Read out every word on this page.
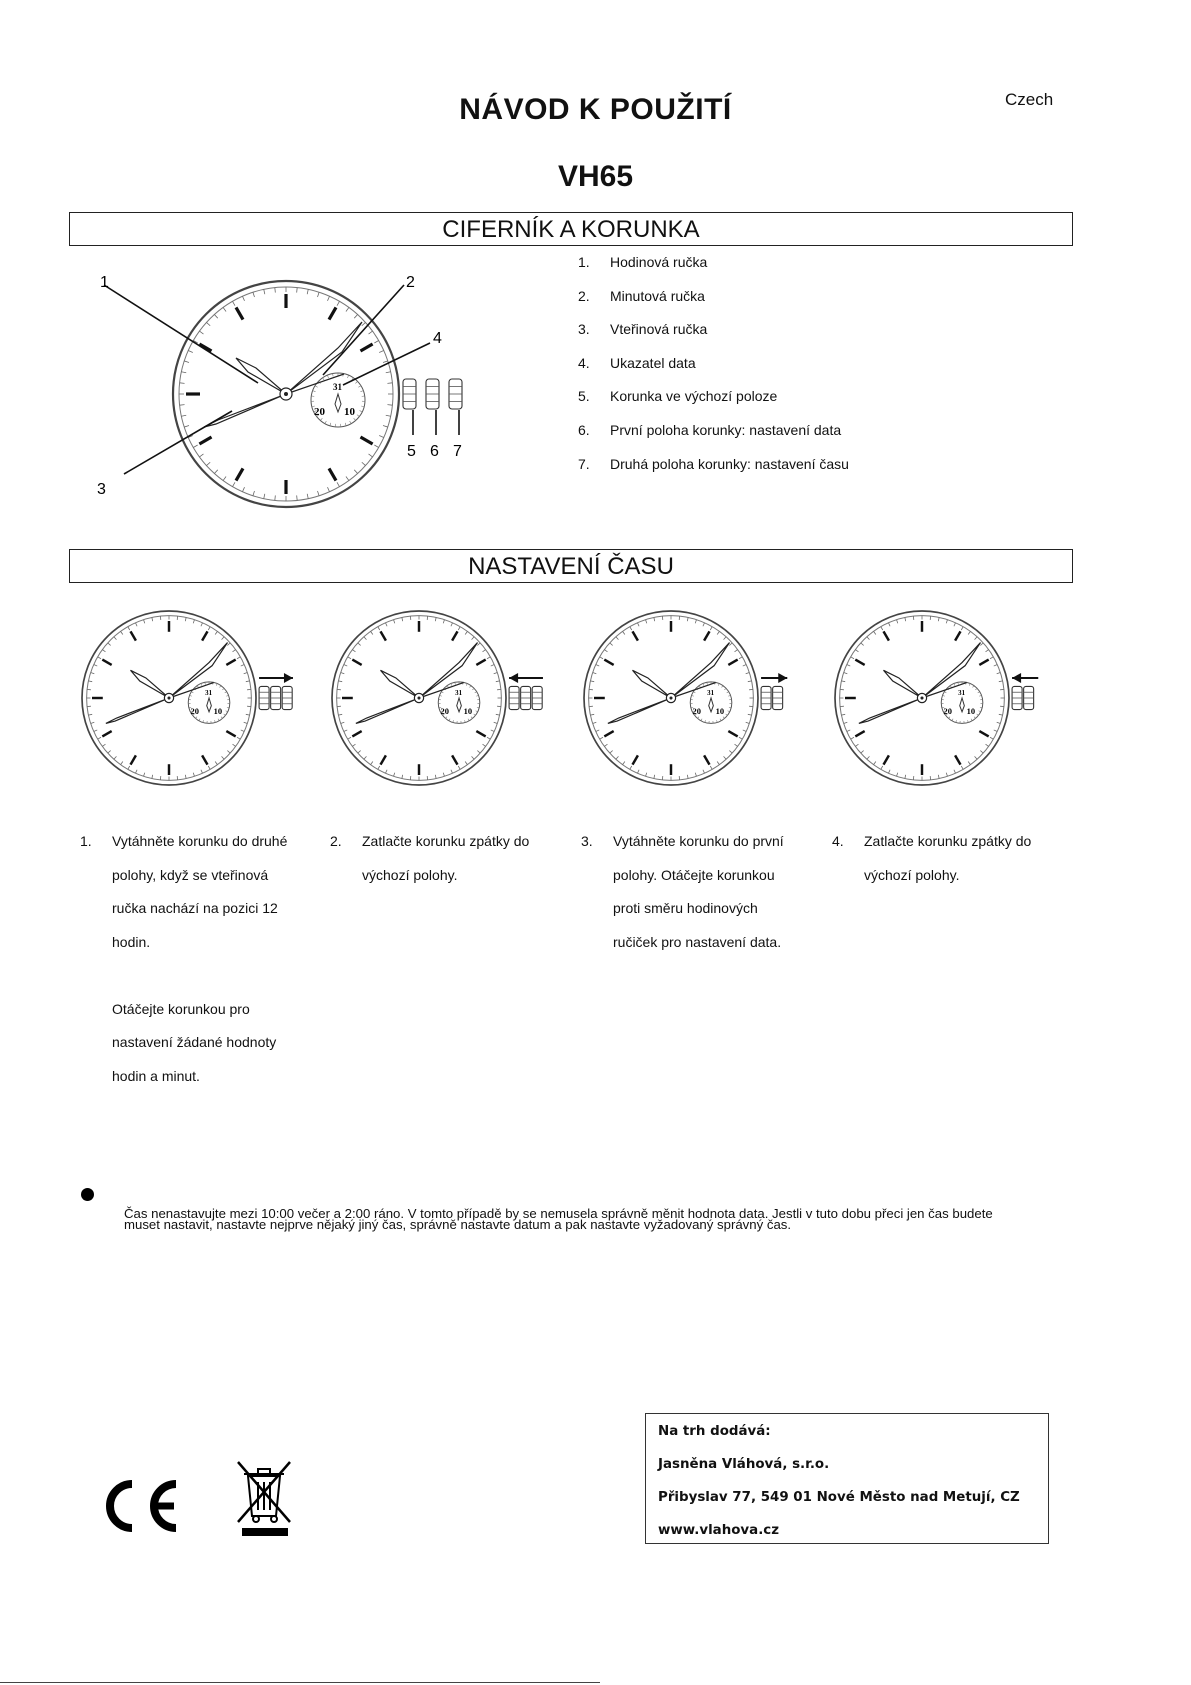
NÁVOD K POUŽITÍ
VH65
Czech
CIFERNÍK A KORUNKA
31
20 10
1	2
4
3
5 6 7
1.	Hodinová ručka
2.	Minutová ručka
3.	Vteřinová ručka
4.	Ukazatel data
5.	Korunka ve výchozí poloze
6.	První poloha korunky: nastavení data
7.	Druhá poloha korunky: nastavení času
NASTAVENÍ ČASU
31
20 10
31
20 10
31
20 10
31
20 10
1. Vytáhněte korunku do druhé
polohy, když se vteřinová
ručka nachází na pozici 12
hodin.

Otáčejte korunkou pro
nastavení žádané hodnoty
hodin a minut.

2. Zatlačte korunku zpátky do
výchozí polohy.

3. Vytáhněte korunku do první
polohy. Otáčejte korunkou
proti směru hodinových
ručiček pro nastavení data.

4. Zatlačte korunku zpátky do
výchozí polohy.

Čas nenastavujte mezi 10:00 večer a 2:00 ráno. V tomto případě by se nemusela správně měnit hodnota data. Jestli v tuto dobu přeci jen čas budete
muset nastavit, nastavte nejprve nějaký jiný čas, správně nastavte datum a pak nastavte vyžadovaný správný čas.
Na trh dodává:
Jasněna Vláhová, s.r.o.
Přibyslav 77, 549 01 Nové Město nad Metují, CZ
www.vlahova.cz
